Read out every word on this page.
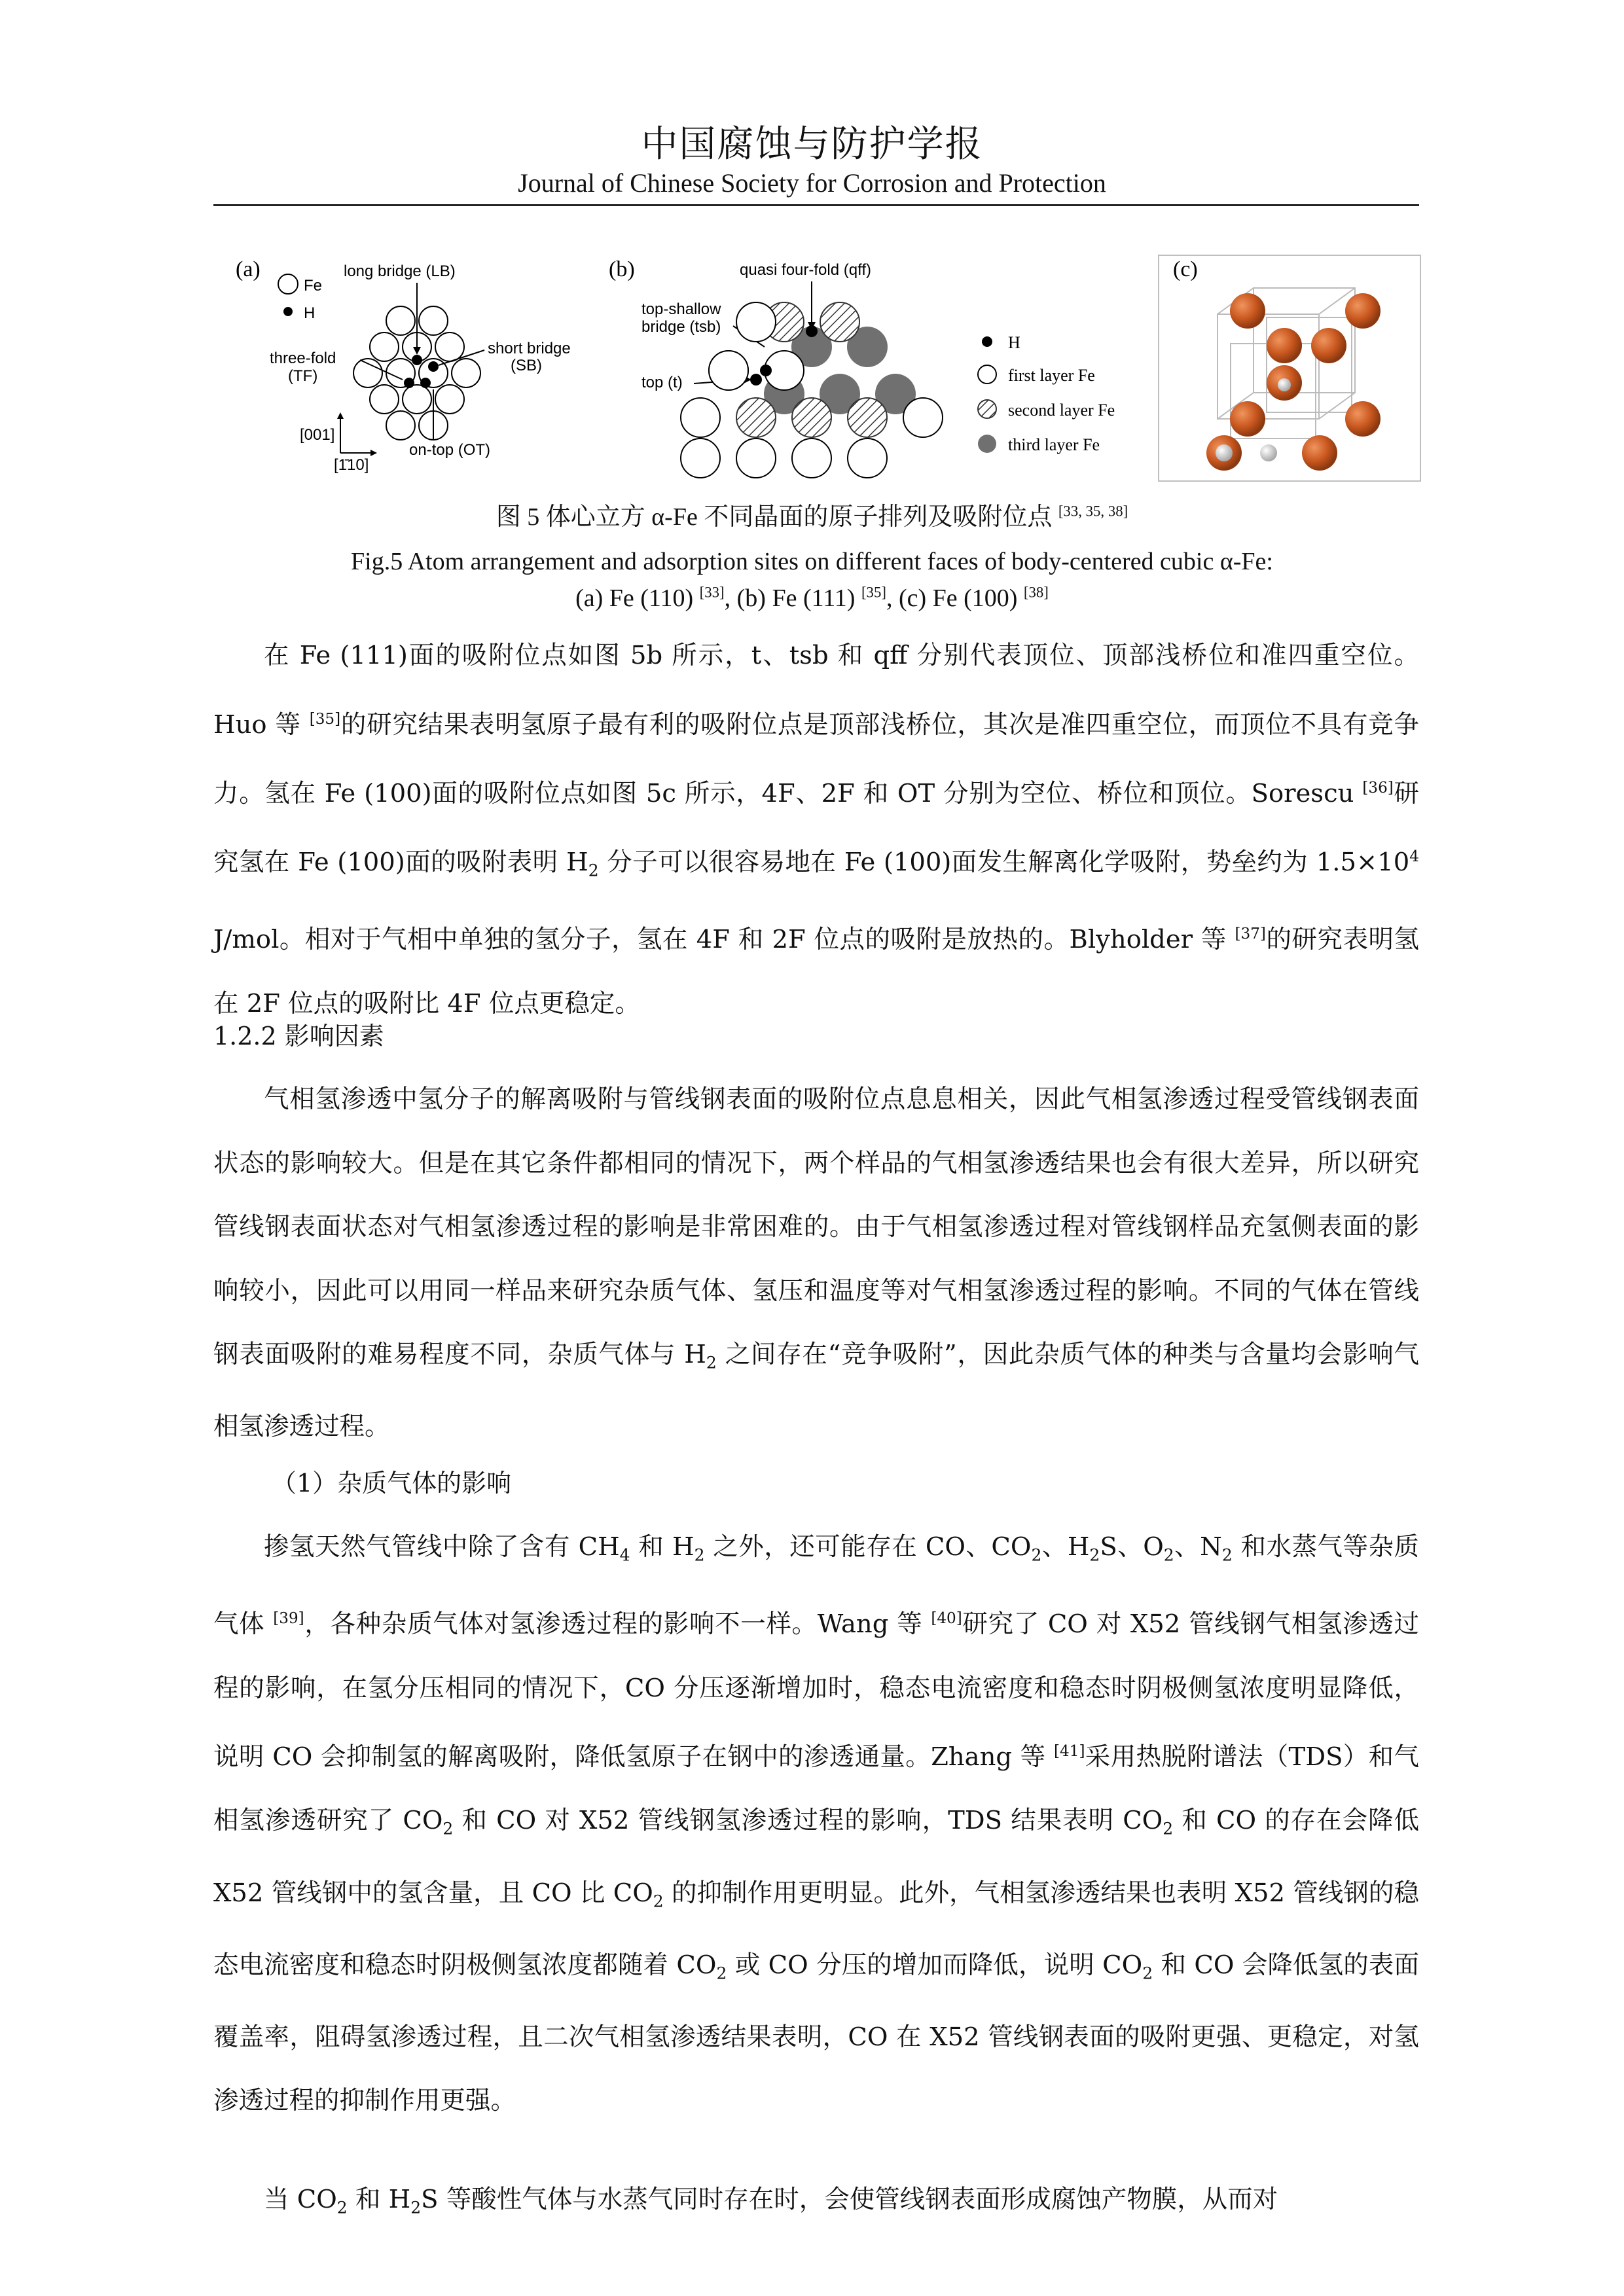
中国腐蚀与防护学报
Journal of Chinese Society for Corrosion and Protection
(a)
Fe
H
long bridge (LB)
three-fold
(TF)
short bridge
(SB)
on-top (OT)
[001]
[1̄10]
(b)	quasi four-fold (qff)
top-shallow
bridge (tsb)
top (t)
H
first layer Fe
second layer Fe
third layer Fe
(c)
图 5 体心立方 α-Fe 不同晶面的原子排列及吸附位点 [33, 35, 38]
Fig.5 Atom arrangement and adsorption sites on different faces of body-centered cubic α-Fe:
(a) Fe (110) [33], (b) Fe (111) [35], (c) Fe (100) [38]

在 Fe (111)面的吸附位点如图 5b 所示，t、tsb 和 qff 分别代表顶位、顶部浅桥位和准四重空位。Huo 等 [35]的研究结果表明氢原子最有利的吸附位点是顶部浅桥位，其次是准四重空位，而顶位不具有竞争力。氢在 Fe (100)面的吸附位点如图 5c 所示，4F、2F 和 OT 分别为空位、桥位和顶位。Sorescu [36]研究氢在 Fe (100)面的吸附表明 $H_2$ 分子可以很容易地在 Fe (100)面发生解离化学吸附，势垒约为 $1.5\times 10^4$ J/mol。相对于气相中单独的氢分子，氢在 4F 和 2F 位点的吸附是放热的。Blyholder 等 [37]的研究表明氢在 2F 位点的吸附比 4F 位点更稳定。

1.2.2 影响因素

气相氢渗透中氢分子的解离吸附与管线钢表面的吸附位点息息相关，因此气相氢渗透过程受管线钢表面状态的影响较大。但是在其它条件都相同的情况下，两个样品的气相氢渗透结果也会有很大差异，所以研究管线钢表面状态对气相氢渗透过程的影响是非常困难的。由于气相氢渗透过程对管线钢样品充氢侧表面的影响较小，因此可以用同一样品来研究杂质气体、氢压和温度等对气相氢渗透过程的影响。不同的气体在管线钢表面吸附的难易程度不同，杂质气体与 $H_2$ 之间存在“竞争吸附”，因此杂质气体的种类与含量均会影响气相氢渗透过程。

（1）杂质气体的影响

掺氢天然气管线中除了含有 $CH_4$ 和 $H_2$ 之外，还可能存在 CO、$CO_2$、$H_2S$、$O_2$、$N_2$ 和水蒸气等杂质气体 [39]，各种杂质气体对氢渗透过程的影响不一样。Wang 等 [40]研究了 CO 对 X52 管线钢气相氢渗透过程的影响，在氢分压相同的情况下，CO 分压逐渐增加时，稳态电流密度和稳态时阴极侧氢浓度明显降低，说明 CO 会抑制氢的解离吸附，降低氢原子在钢中的渗透通量。Zhang 等 [41]采用热脱附谱法（TDS）和气相氢渗透研究了 $CO_2$ 和 CO 对 X52 管线钢氢渗透过程的影响，TDS 结果表明 $CO_2$ 和 CO 的存在会降低 X52 管线钢中的氢含量，且 CO 比 $CO_2$ 的抑制作用更明显。此外，气相氢渗透结果也表明 X52 管线钢的稳态电流密度和稳态时阴极侧氢浓度都随着 $CO_2$ 或 CO 分压的增加而降低，说明 $CO_2$ 和 CO 会降低氢的表面覆盖率，阻碍氢渗透过程，且二次气相氢渗透结果表明，CO 在 X52 管线钢表面的吸附更强、更稳定，对氢渗透过程的抑制作用更强。

当 $CO_2$ 和 $H_2S$ 等酸性气体与水蒸气同时存在时，会使管线钢表面形成腐蚀产物膜，从而对
